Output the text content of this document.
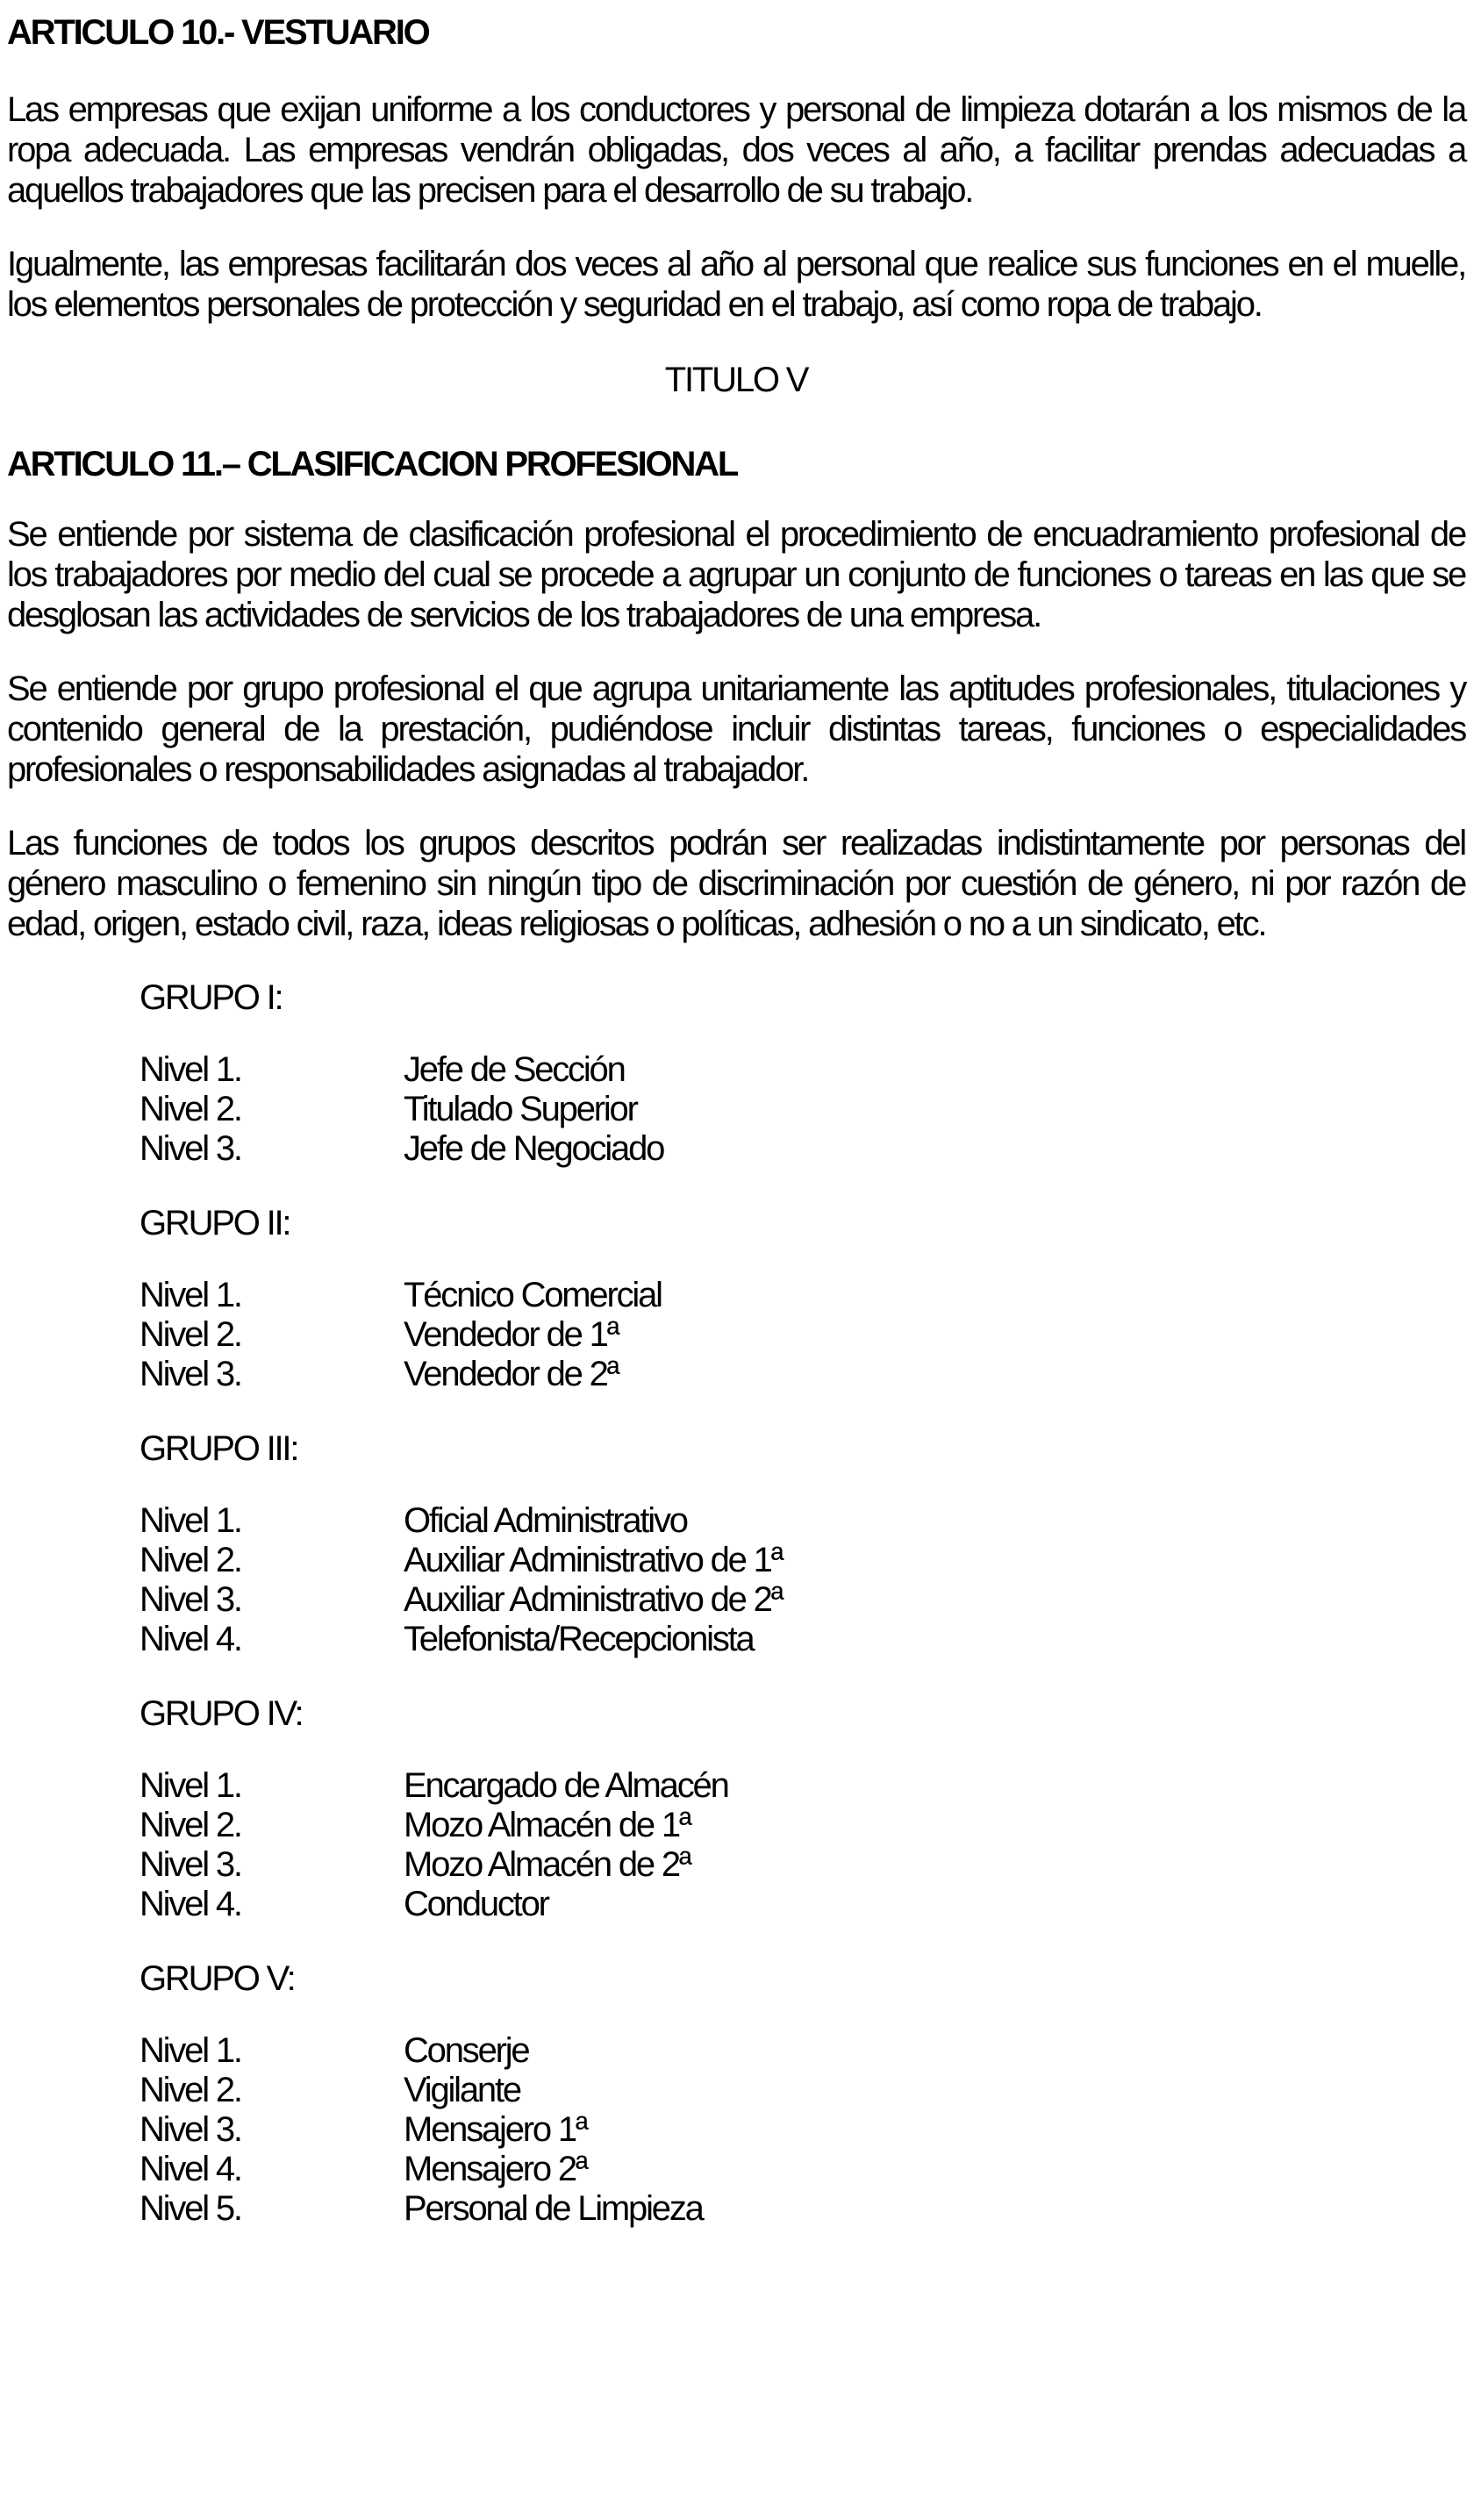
ARTICULO 10.- VESTUARIO

Las empresas que exijan uniforme a los conductores y personal de limpieza dotarán a los mismos de la ropa adecuada. Las empresas vendrán obligadas, dos veces al año, a facilitar prendas adecuadas a aquellos trabajadores que las precisen para el desarrollo de su trabajo.

Igualmente, las empresas facilitarán dos veces al año al personal que realice sus funciones en el muelle, los elementos personales de protección y seguridad en el trabajo, así como ropa de trabajo.

TITULO V
ARTICULO 11.– CLASIFICACION PROFESIONAL

Se entiende por sistema de clasificación profesional el procedimiento de encuadramiento profesional de los trabajadores por medio del cual se procede a agrupar un conjunto de funciones o tareas en las que se desglosan las actividades de servicios de los trabajadores de una empresa.

Se entiende por grupo profesional el que agrupa unitariamente las aptitudes profesionales, titulaciones y contenido general de la prestación, pudiéndose incluir distintas tareas, funciones o especialidades profesionales o responsabilidades asignadas al trabajador.

Las funciones de todos los grupos descritos podrán ser realizadas indistintamente por personas del género masculino o femenino sin ningún tipo de discriminación por cuestión de género, ni por razón de edad, origen, estado civil, raza, ideas religiosas o políticas, adhesión o no a un sindicato, etc.

GRUPO I:
Nivel 1.	Jefe de Sección
Nivel 2.	Titulado Superior
Nivel 3.	Jefe de Negociado
GRUPO II:
Nivel 1.	Técnico Comercial
Nivel 2.	Vendedor de 1ª
Nivel 3.	Vendedor de 2ª
GRUPO III:
Nivel 1.	Oficial Administrativo
Nivel 2.	Auxiliar Administrativo de 1ª
Nivel 3.	Auxiliar Administrativo de 2ª
Nivel 4.	Telefonista/Recepcionista
GRUPO IV:
Nivel 1.	Encargado de Almacén
Nivel 2.	Mozo Almacén de 1ª
Nivel 3.	Mozo Almacén de 2ª
Nivel 4.	Conductor
GRUPO V:
Nivel 1.	Conserje
Nivel 2.	Vigilante
Nivel 3.	Mensajero 1ª
Nivel 4.	Mensajero 2ª
Nivel 5.	Personal de Limpieza
